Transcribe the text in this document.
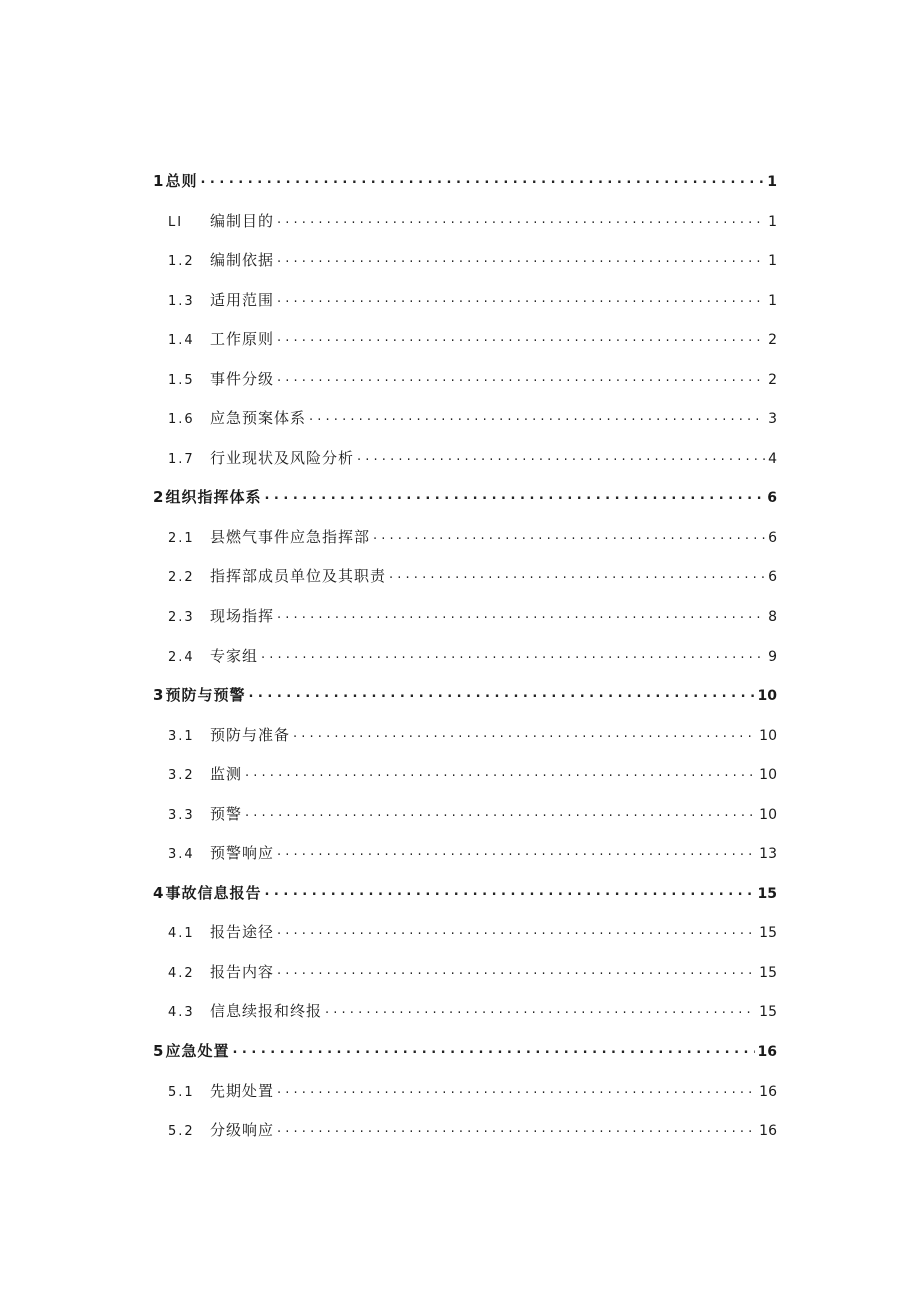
1 总则 . . .	1
LI	编制目的 . . .	1
1.2	编制依据 . . .	1
1.3	适用范围 . . .	1
1.4	工作原则 . . .	2
1.5	事件分级 . . .	2
1.6	应急预案体系 . . .	3
1.7	行业现状及风险分析 . . .	4
2 组织指挥体系 . . .	6
2.1	县燃气事件应急指挥部 . . .	6
2.2	指挥部成员单位及其职责 . . .	6
2.3	现场指挥 . . .	8
2.4	专家组 . . .	9
3 预防与预警 . . .	10
3.1	预防与准备 . . .	10
3.2	监测 . . .	10
3.3	预警 . . .	10
3.4	预警响应 . . .	13
4 事故信息报告 . . .	15
4.1	报告途径 . . .	15
4.2	报告内容 . . .	15
4.3	信息续报和终报 . . .	15
5 应急处置 . . .	16
5.1	先期处置 . . .	16
5.2	分级响应 . . .	16
